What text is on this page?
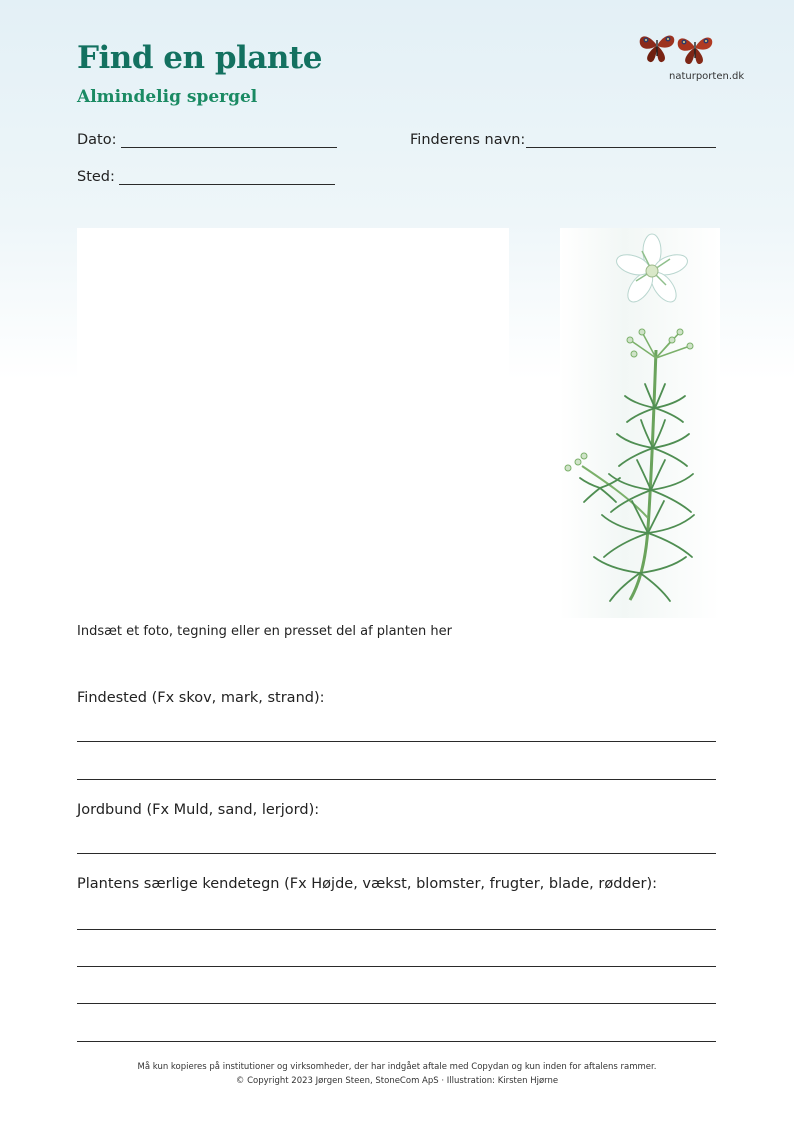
Find en plante
Almindelig spergel
naturporten.dk
Dato:	Finderens navn:
Sted:
Indsæt et foto, tegning eller en presset del af planten her
Findested (Fx skov, mark, strand):
Jordbund (Fx Muld, sand, lerjord):
Plantens særlige kendetegn (Fx Højde, vækst, blomster, frugter, blade, rødder):
Må kun kopieres på institutioner og virksomheder, der har indgået aftale med Copydan og kun inden for aftalens rammer.
© Copyright 2023 Jørgen Steen, StoneCom ApS · Illustration: Kirsten Hjørne
